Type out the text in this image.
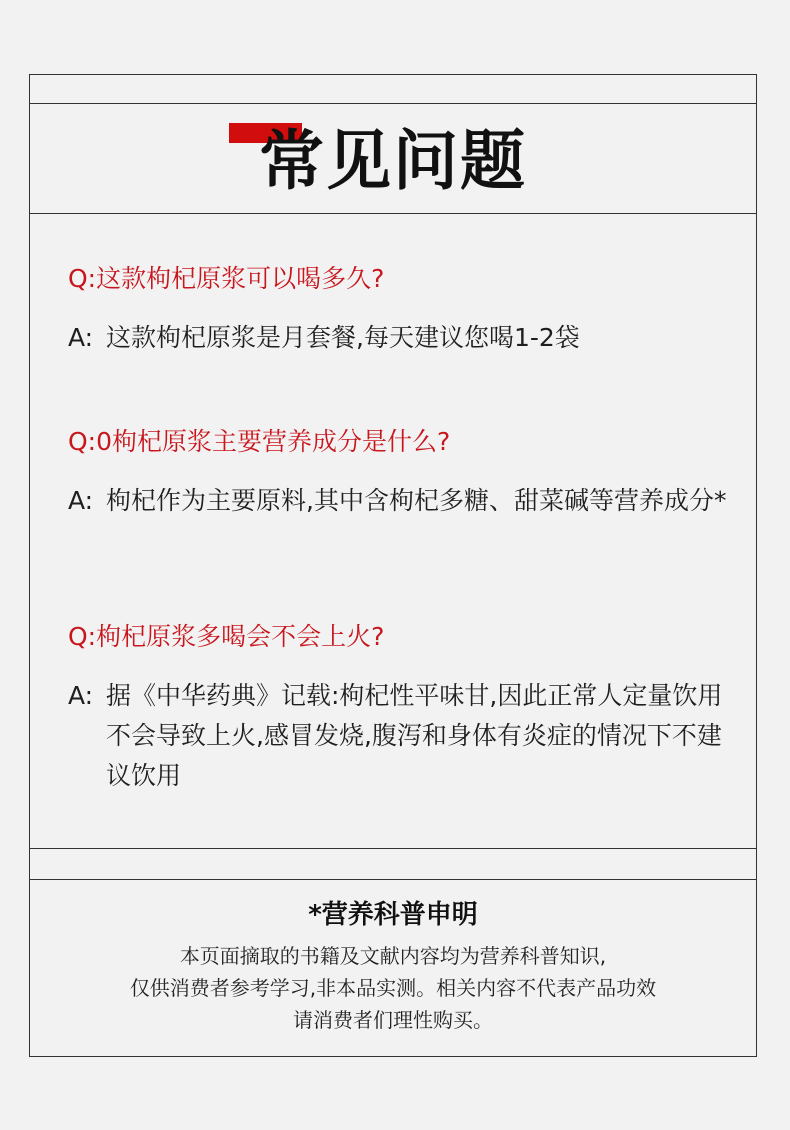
常见问题
Q:这款枸杞原浆可以喝多久?
A: 这款枸杞原浆是月套餐,每天建议您喝1-2袋
Q:0枸杞原浆主要营养成分是什么?
A: 枸杞作为主要原料,其中含枸杞多糖、甜菜碱等营养成分*
Q:枸杞原浆多喝会不会上火?
A: 据《中华药典》记载:枸杞性平味甘,因此正常人定量饮用不会导致上火,感冒发烧,腹泻和身体有炎症的情况下不建议饮用
*营养科普申明
本页面摘取的书籍及文献内容均为营养科普知识,
仅供消费者参考学习,非本品实测。相关内容不代表产品功效
请消费者们理性购买。
